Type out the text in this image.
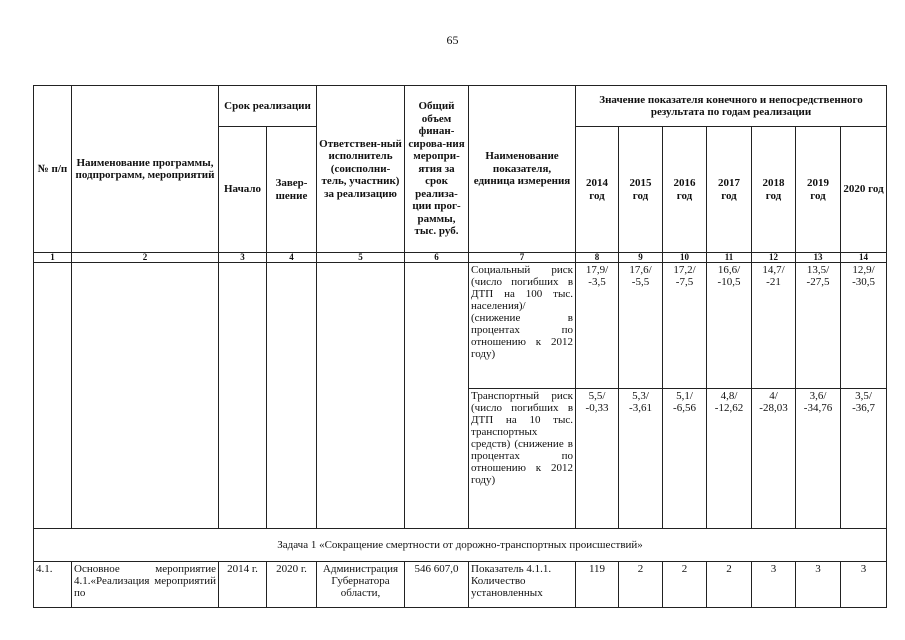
65
№ п/п	Наименование программы, подпрограмм, мероприятий	Срок реализации		Ответствен-ный исполнитель (соисполни-тель, участник) за реализацию	Общий объем финан-сирова-ния меропри-ятия за срок реализа-ции прог-раммы, тыс. руб.	Наименование показателя, единица измерения	Значение показателя конечного и непосредственного результата по годам реализации						
		Начало	Завер-шение				2014 год	2015 год	2016 год	2017 год	2018 год	2019 год	2020 год
1	2	3	4	5	6	7	8	9	10	11	12	13	14
						Социальный риск (число погибших в ДТП на 100 тыс. населения)/ (снижение в процентах по отношению к 2012 году)	17,9/ -3,5	17,6/ -5,5	17,2/ -7,5	16,6/ -10,5	14,7/ -21	13,5/ -27,5	12,9/ -30,5
						Транспортный риск (число погибших в ДТП на 10 тыс. транспортных средств) (снижение в процентах по отношению к 2012 году)	5,5/ -0,33	5,3/ -3,61	5,1/ -6,56	4,8/ -12,62	4/ -28,03	3,6/ -34,76	3,5/ -36,7
Задача 1 «Сокращение смертности от дорожно-транспортных происшествий»													
4.1.	Основное мероприятие 4.1.«Реализация мероприятий по	2014 г.	2020 г.	Администрация Губернатора области,	546 607,0	Показатель 4.1.1. Количество установленных	119	2	2	2	3	3	3
